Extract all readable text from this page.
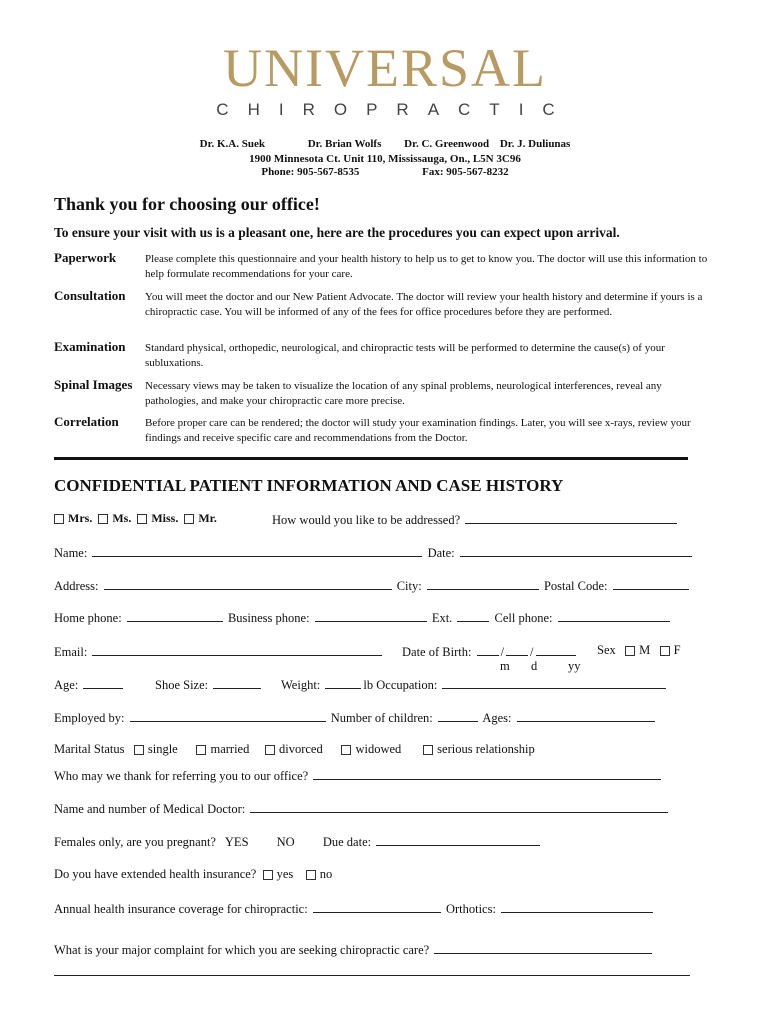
UNIVERSAL
CHIROPRACTIC
Dr. K.A. Suek	Dr. Brian Wolfs Dr. C. Greenwood Dr. J. Duliunas
1900 Minnesota Ct. Unit 110, Mississauga, On., L5N 3C96
Phone: 905-567-8535	Fax: 905-567-8232
Thank you for choosing our office!
To ensure your visit with us is a pleasant one, here are the procedures you can expect upon arrival.
Paperwork	Please complete this questionnaire and your health history to help us to get to know you. The doctor will use this information to help formulate recommendations for your care.
Consultation You will meet the doctor and our New Patient Advocate. The doctor will review your health history and determine if yours is a chiropractic case. You will be informed of any of the fees for office procedures before they are performed.
Examination Standard physical, orthopedic, neurological, and chiropractic tests will be performed to determine the cause(s) of your subluxations.
Spinal Images Necessary views may be taken to visualize the location of any spinal problems, neurological interferences, reveal any pathologies, and make your chiropractic care more precise.
Correlation Before proper care can be rendered; the doctor will study your examination findings. Later, you will see x-rays, review your findings and receive specific care and recommendations from the Doctor.
CONFIDENTIAL PATIENT INFORMATION AND CASE HISTORY
Mrs. Ms. Miss. Mr.	How would you like to be addressed?
Name:	Date:
Address:	City:	Postal Code:
Home phone:	Business phone:	Ext.	Cell phone:
Email:	Date of Birth: / /	Sex M F
m d yy
Age:	Shoe Size:	Weight:	lb Occupation:
Employed by:	Number of children:	Ages:
Marital Status single	married divorced	widowed	serious relationship
Who may we thank for referring you to our office?
Name and number of Medical Doctor:
Females only, are you pregnant? YES NO Due date:
Do you have extended health insurance? yes no
Annual health insurance coverage for chiropractic:	Orthotics:
What is your major complaint for which you are seeking chiropractic care?
